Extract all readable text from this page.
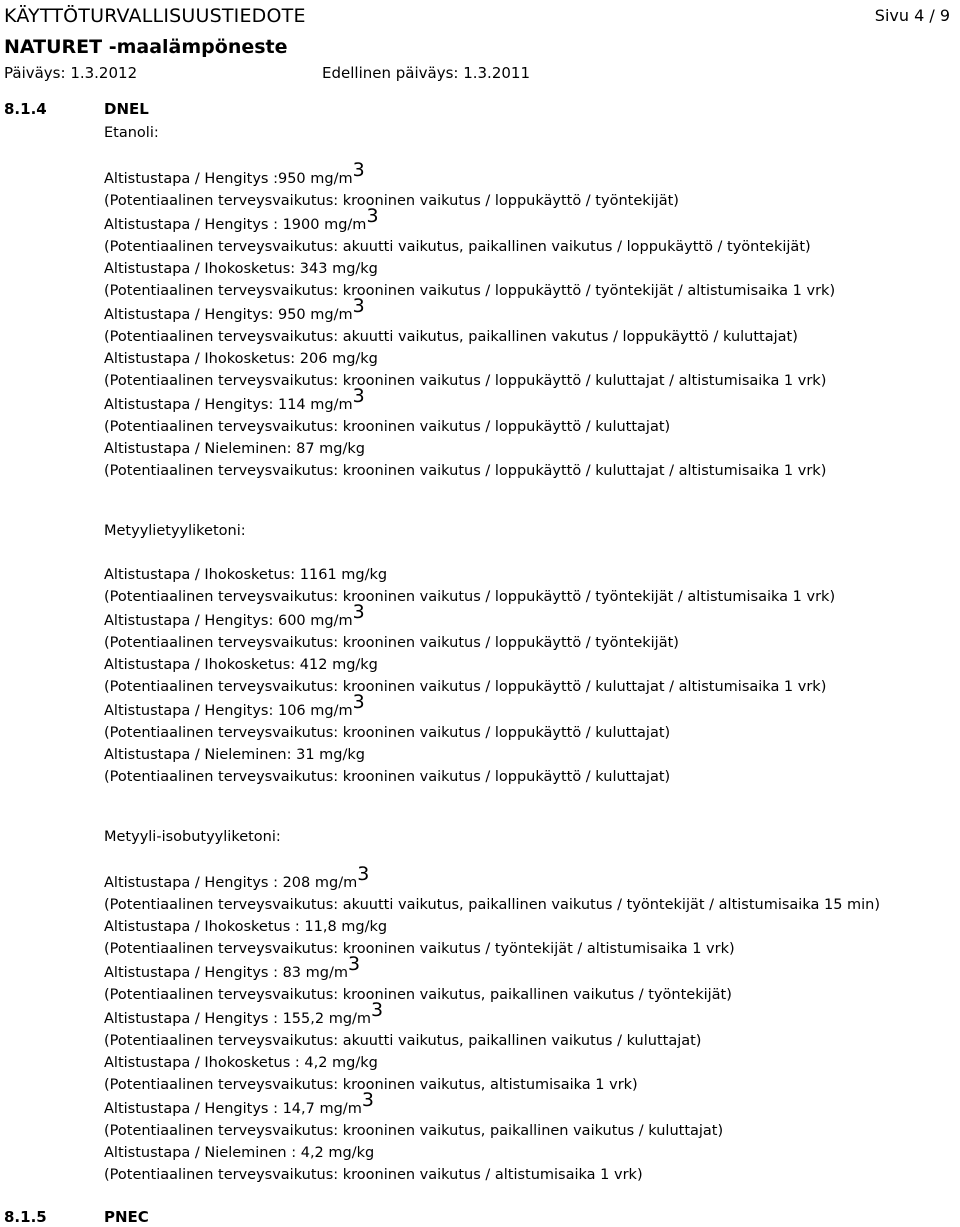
KÄYTTÖTURVALLISUUSTIEDOTE
NATURET -maalämpöneste
Päiväys: 1.3.2012	Edellinen päiväys: 1.3.2011
Sivu 4 / 9
8.1.4	DNEL
Etanoli:
Altistustapa / Hengitys :950 mg/m3
(Potentiaalinen terveysvaikutus: krooninen vaikutus / loppukäyttö / työntekijät)
Altistustapa / Hengitys : 1900 mg/m3
(Potentiaalinen terveysvaikutus: akuutti vaikutus, paikallinen vaikutus / loppukäyttö / työntekijät)
Altistustapa / Ihokosketus: 343 mg/kg
(Potentiaalinen terveysvaikutus: krooninen vaikutus / loppukäyttö / työntekijät / altistumisaika 1 vrk)
Altistustapa / Hengitys: 950 mg/m3
(Potentiaalinen terveysvaikutus: akuutti vaikutus, paikallinen vakutus / loppukäyttö / kuluttajat)
Altistustapa / Ihokosketus: 206 mg/kg
(Potentiaalinen terveysvaikutus: krooninen vaikutus / loppukäyttö / kuluttajat / altistumisaika 1 vrk)
Altistustapa / Hengitys: 114 mg/m3
(Potentiaalinen terveysvaikutus: krooninen vaikutus / loppukäyttö / kuluttajat)
Altistustapa / Nieleminen: 87 mg/kg
(Potentiaalinen terveysvaikutus: krooninen vaikutus / loppukäyttö / kuluttajat / altistumisaika 1 vrk)
Metyylietyyliketoni:
Altistustapa / Ihokosketus: 1161 mg/kg
(Potentiaalinen terveysvaikutus: krooninen vaikutus / loppukäyttö / työntekijät / altistumisaika 1 vrk)
Altistustapa / Hengitys: 600 mg/m3
(Potentiaalinen terveysvaikutus: krooninen vaikutus / loppukäyttö / työntekijät)
Altistustapa / Ihokosketus: 412 mg/kg
(Potentiaalinen terveysvaikutus: krooninen vaikutus / loppukäyttö / kuluttajat / altistumisaika 1 vrk)
Altistustapa / Hengitys: 106 mg/m3
(Potentiaalinen terveysvaikutus: krooninen vaikutus / loppukäyttö / kuluttajat)
Altistustapa / Nieleminen: 31 mg/kg
(Potentiaalinen terveysvaikutus: krooninen vaikutus / loppukäyttö / kuluttajat)
Metyyli-isobutyyliketoni:
Altistustapa / Hengitys : 208 mg/m3
(Potentiaalinen terveysvaikutus: akuutti vaikutus, paikallinen vaikutus / työntekijät / altistumisaika 15 min)
Altistustapa / Ihokosketus : 11,8 mg/kg
(Potentiaalinen terveysvaikutus: krooninen vaikutus / työntekijät / altistumisaika 1 vrk)
Altistustapa / Hengitys : 83 mg/m3
(Potentiaalinen terveysvaikutus: krooninen vaikutus, paikallinen vaikutus / työntekijät)
Altistustapa / Hengitys : 155,2 mg/m3
(Potentiaalinen terveysvaikutus: akuutti vaikutus, paikallinen vaikutus / kuluttajat)
Altistustapa / Ihokosketus : 4,2 mg/kg
(Potentiaalinen terveysvaikutus: krooninen vaikutus, altistumisaika 1 vrk)
Altistustapa / Hengitys : 14,7 mg/m3
(Potentiaalinen terveysvaikutus: krooninen vaikutus, paikallinen vaikutus / kuluttajat)
Altistustapa / Nieleminen : 4,2 mg/kg
(Potentiaalinen terveysvaikutus: krooninen vaikutus / altistumisaika 1 vrk)
8.1.5	PNEC
